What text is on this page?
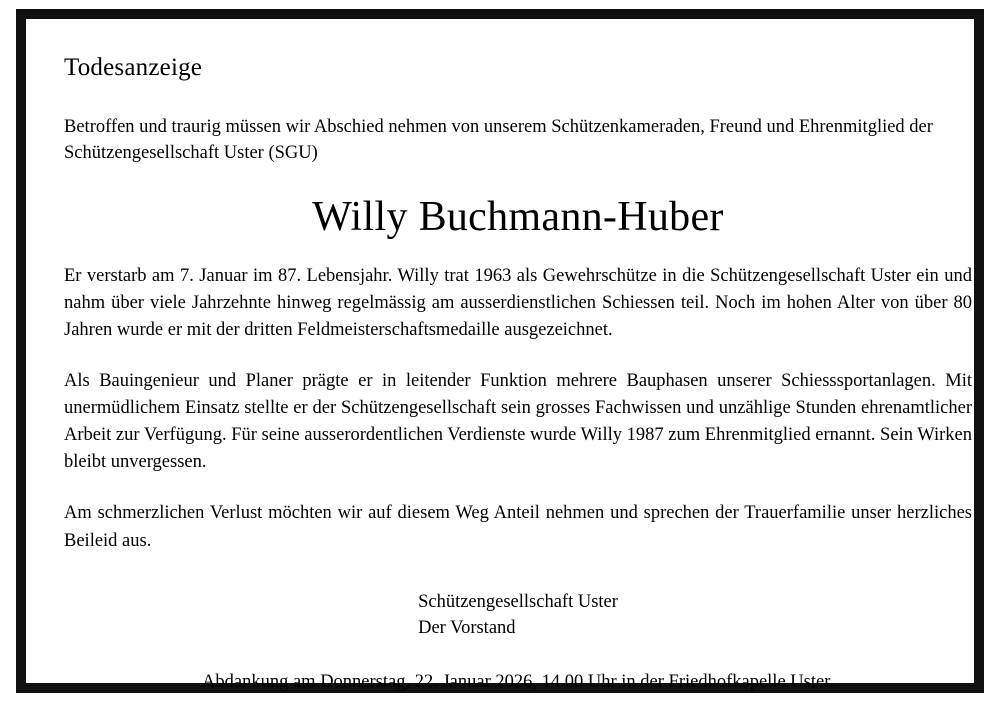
Todesanzeige

Betroffen und traurig müssen wir Abschied nehmen von unserem Schützenkameraden, Freund und Ehrenmitglied der Schützengesellschaft Uster (SGU)

Willy Buchmann-Huber

Er verstarb am 7. Januar im 87. Lebensjahr. Willy trat 1963 als Gewehrschütze in die Schützengesellschaft Uster ein und nahm über viele Jahrzehnte hinweg regelmässig am ausserdienstlichen Schiessen teil. Noch im hohen Alter von über 80 Jahren wurde er mit der dritten Feldmeisterschaftsmedaille ausgezeichnet.

Als Bauingenieur und Planer prägte er in leitender Funktion mehrere Bauphasen unserer Schiesssportanlagen. Mit unermüdlichem Einsatz stellte er der Schützengesellschaft sein grosses Fachwissen und unzählige Stunden ehrenamtlicher Arbeit zur Verfügung. Für seine ausserordentlichen Verdienste wurde Willy 1987 zum Ehrenmitglied ernannt. Sein Wirken bleibt unvergessen.

Am schmerzlichen Verlust möchten wir auf diesem Weg Anteil nehmen und sprechen der Trauerfamilie unser herzliches Beileid aus.

Schützengesellschaft Uster
Der Vorstand
Abdankung am Donnerstag, 22. Januar 2026, 14.00 Uhr in der Friedhofkapelle Uster.
